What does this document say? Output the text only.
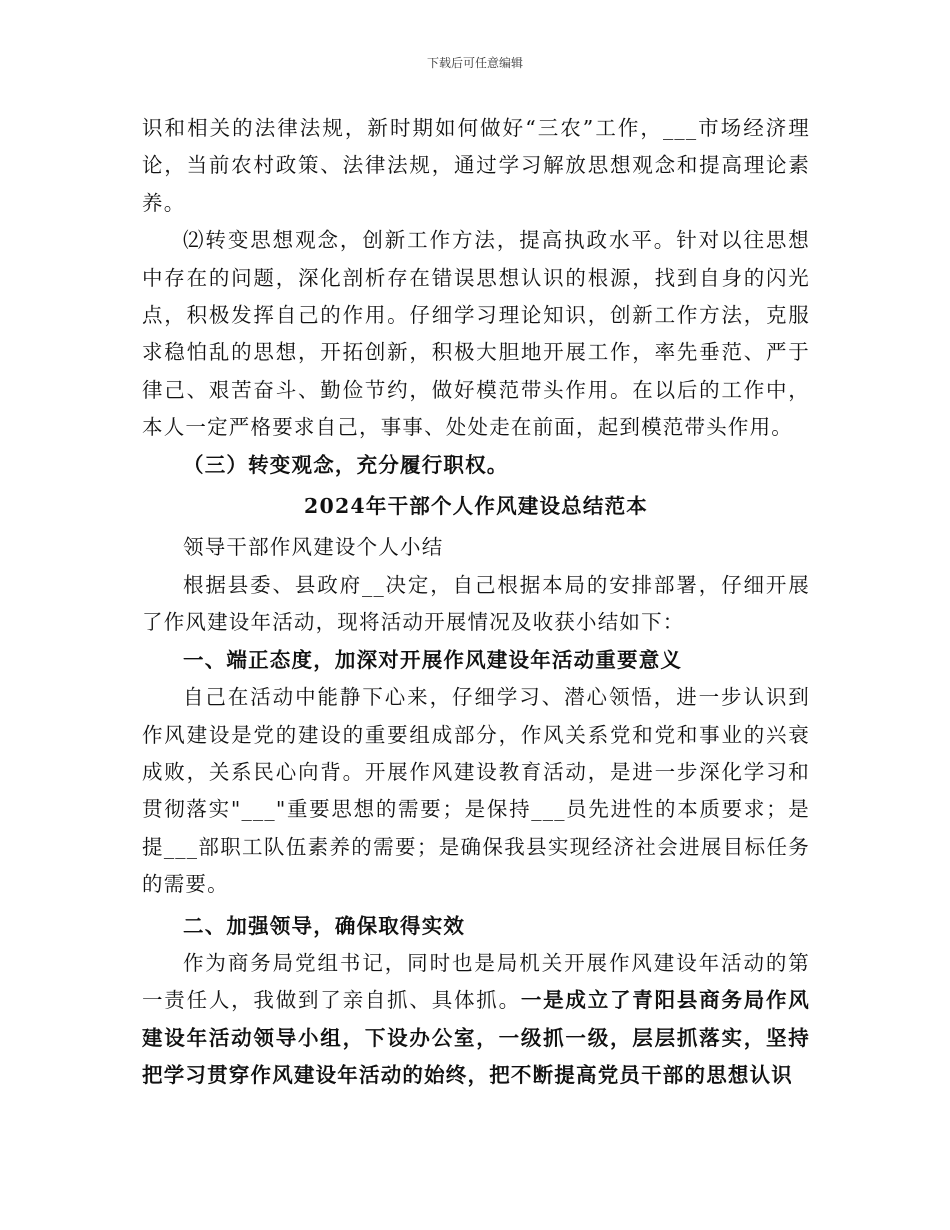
下载后可任意编辑

识和相关的法律法规，新时期如何做好“三农”工作，___市场经济理论，当前农村政策、法律法规，通过学习解放思想观念和提高理论素养。

⑵转变思想观念，创新工作方法，提高执政水平。针对以往思想中存在的问题，深化剖析存在错误思想认识的根源，找到自身的闪光点，积极发挥自己的作用。仔细学习理论知识，创新工作方法，克服求稳怕乱的思想，开拓创新，积极大胆地开展工作，率先垂范、严于律己、艰苦奋斗、勤俭节约，做好模范带头作用。在以后的工作中，本人一定严格要求自己，事事、处处走在前面，起到模范带头作用。

（三）转变观念，充分履行职权。

2024年干部个人作风建设总结范本

领导干部作风建设个人小结

根据县委、县政府__决定，自己根据本局的安排部署，仔细开展了作风建设年活动，现将活动开展情况及收获小结如下：

一、端正态度，加深对开展作风建设年活动重要意义

自己在活动中能静下心来，仔细学习、潜心领悟，进一步认识到作风建设是党的建设的重要组成部分，作风关系党和党和事业的兴衰成败，关系民心向背。开展作风建设教育活动，是进一步深化学习和贯彻落实"___"重要思想的需要；是保持___员先进性的本质要求；是提___部职工队伍素养的需要；是确保我县实现经济社会进展目标任务的需要。

二、加强领导，确保取得实效

作为商务局党组书记，同时也是局机关开展作风建设年活动的第一责任人，我做到了亲自抓、具体抓。一是成立了青阳县商务局作风建设年活动领导小组，下设办公室，一级抓一级，层层抓落实，坚持把学习贯穿作风建设年活动的始终，把不断提高党员干部的思想认识
